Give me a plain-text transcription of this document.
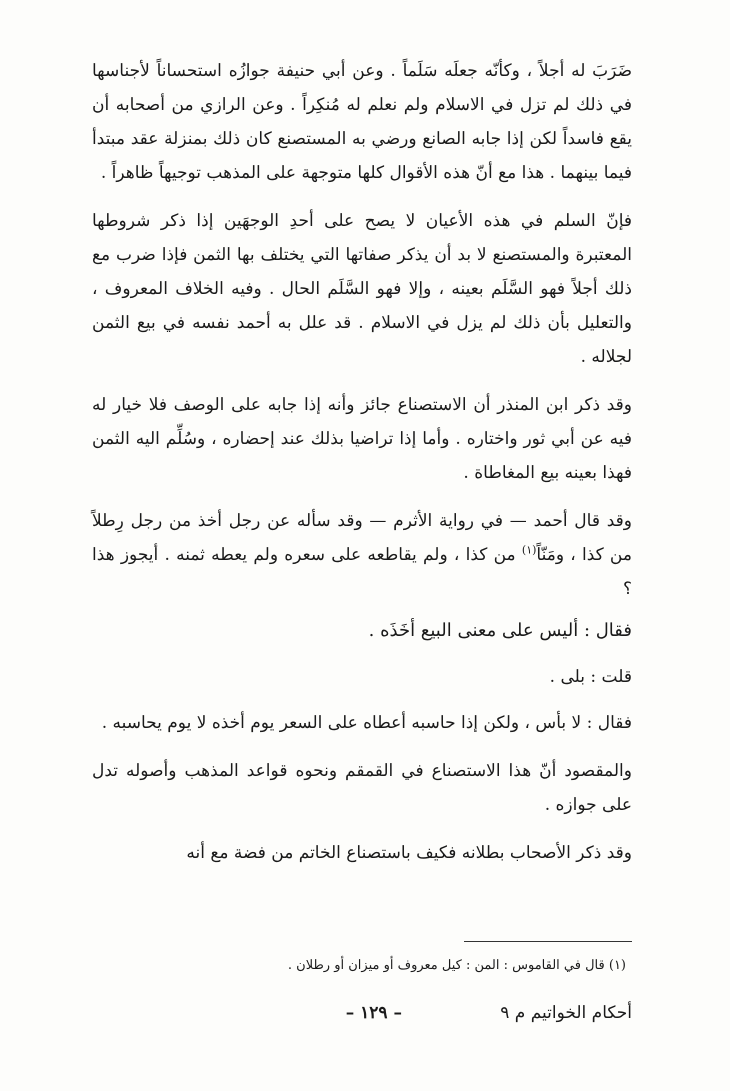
ضَرَبَ له أجلاً ، وكأنّه جعلَه سَلَماً . وعن أبي حنيفة جوازُه استحساناً لأجناسها في ذلك لم تزل في الاسلام ولم نعلم له مُنكِراً . وعن الرازي من أصحابه أن يقع فاسداً لكن إذا جابه الصانع ورضي به المستصنع كان ذلك بمنزلة عقد مبتدأ فيما بينهما . هذا مع أنّ هذه الأقوال كلها متوجهة على المذهب توجيهاً ظاهراً .

فإنّ السلم في هذه الأعيان لا يصح على أحدِ الوجهَين إذا ذكر شروطها المعتبرة والمستصنع لا بد أن يذكر صفاتها التي يختلف بها الثمن فإذا ضرب مع ذلك أجلاً فهو السَّلَم بعينه ، وإلا فهو السَّلَم الحال . وفيه الخلاف المعروف ، والتعليل بأن ذلك لم يزل في الاسلام . قد علل به أحمد نفسه في بيع الثمن لجلاله .

وقد ذكر ابن المنذر أن الاستصناع جائز وأنه إذا جابه على الوصف فلا خيار له فيه عن أبي ثور واختاره . وأما إذا تراضيا بذلك عند إحضاره ، وسُلِّم اليه الثمن فهذا بعينه بيع المغاطاة .

وقد قال أحمد — في رواية الأثرم — وقد سأله عن رجل أخذ من رجل رِطلاً من كذا ، ومَنّاً$^{(١)}$ من كذا ، ولم يقاطعه على سعره ولم يعطه ثمنه . أيجوز هذا ؟

فقال : أليس على معنى البيع أخَذَه .

قلت : بلى .

فقال : لا بأس ، ولكن إذا حاسبه أعطاه على السعر يوم أخذه لا يوم يحاسبه .

والمقصود أنّ هذا الاستصناع في القمقم ونحوه قواعد المذهب وأصوله تدل على جوازه .

وقد ذكر الأصحاب بطلانه فكيف باستصناع الخاتم من فضة مع أنه

(١) قال في القاموس : المن : كيل معروف أو ميزان أو رطلان .

أحكام الخواتيم م ٩
– ١٢٩ –
